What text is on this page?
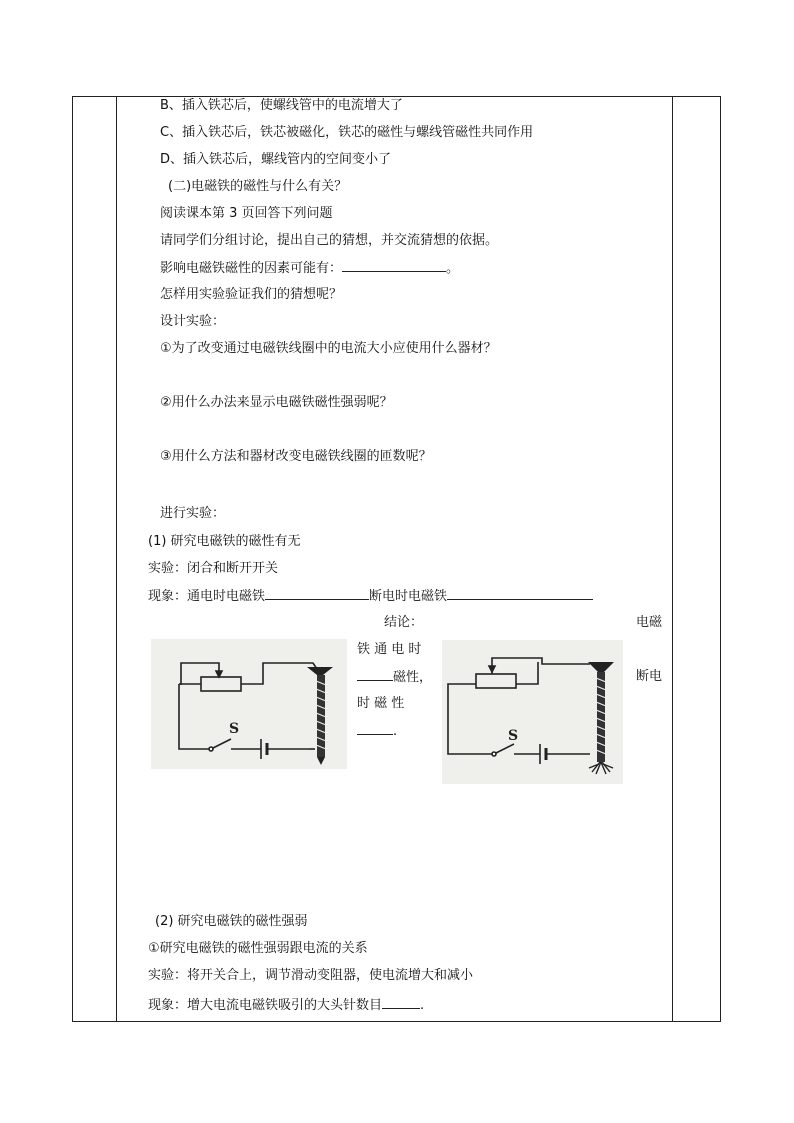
B、插入铁芯后，使螺线管中的电流增大了
C、插入铁芯后，铁芯被磁化，铁芯的磁性与螺线管磁性共同作用
D、插入铁芯后，螺线管内的空间变小了
(二)电磁铁的磁性与什么有关？
阅读课本第 3 页回答下列问题
请同学们分组讨论，提出自己的猜想，并交流猜想的依据。
影响电磁铁磁性的因素可能有：	。
怎样用实验验证我们的猜想呢？
设计实验：
①为了改变通过电磁铁线圈中的电流大小应使用什么器材？
②用什么办法来显示电磁铁磁性强弱呢？
③用什么方法和器材改变电磁铁线圈的匝数呢？
进行实验：
(1) 研究电磁铁的磁性有无
实验：闭合和断开开关
现象：通电时电磁铁	断电时电磁铁
结论：	电磁
铁 通 电 时
磁性，	断电
时 磁 性
.
S	S
(2) 研究电磁铁的磁性强弱
①研究电磁铁的磁性强弱跟电流的关系
实验：将开关合上，调节滑动变阻器，使电流增大和减小
现象：增大电流电磁铁吸引的大头针数目	.
